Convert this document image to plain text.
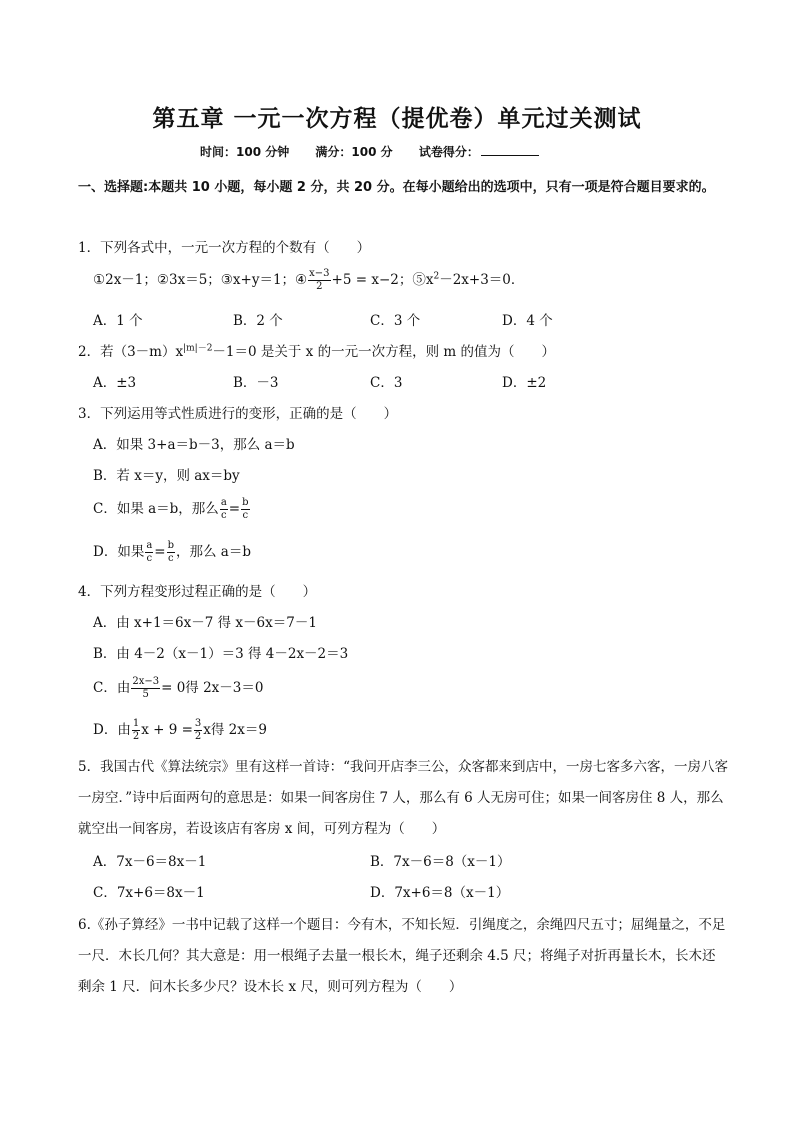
第五章 一元一次方程（提优卷）单元过关测试
时间：100 分钟 满分：100 分 试卷得分：
一、选择题:本题共 10 小题，每小题 2 分，共 20 分。在每小题给出的选项中，只有一项是符合题目要求的。
1．下列各式中，一元一次方程的个数有（　　）
①2x－1；②3x＝5；③x+y＝1；④ $\frac{x-3}{2} +5 = x-2$；$⑤x^2-2x+3=0$．
A．1 个	B．2 个	C．3 个	D．4 个
2．若$(3-m)x^{|m|-2}-1=0$ 是关于 x 的一元一次方程，则 m 的值为（　　）
A．±3	B．－3	C．3	D．±2
3．下列运用等式性质进行的变形，正确的是（　　）
A．如果 3+a＝b－3，那么 a＝b
B．若 x＝y，则 ax＝by
C．如果 a＝b，那么 $\frac{a}{c} = \frac{b}{c}$
D．如果 $\frac{a}{c} = \frac{b}{c}$ ，那么 a＝b
4．下列方程变形过程正确的是（　　）
A．由 x+1＝6x－7 得 x－6x＝7－1
B．由 4－2（x－1）＝3 得 4－2x－2＝3
C．由 $\frac{2x-3}{5} = 0$得 2x－3＝0
D．由 $\frac{1}{2}$ $x + 9 = \frac{3}{2}$ x得 2x＝9
5．我国古代《算法统宗》里有这样一首诗：“我问开店李三公，众客都来到店中，一房七客多六客，一房八客一房空．”诗中后面两句的意思是：如果一间客房住 7 人，那么有 6 人无房可住；如果一间客房住 8 人，那么就空出一间客房，若设该店有客房 x 间，可列方程为（　　）
A．7x－6＝8x－1	B．7x－6＝8（x－1）
C．7x+6＝8x－1	D．7x+6＝8（x－1）
6.《孙子算经》一书中记载了这样一个题目：今有木，不知长短．引绳度之，余绳四尺五寸；屈绳量之，不足一尺．木长几何？其大意是：用一根绳子去量一根长木，绳子还剩余 4.5 尺；将绳子对折再量长木，长木还剩余 1 尺．问木长多少尺？设木长 x 尺，则可列方程为（　　）
